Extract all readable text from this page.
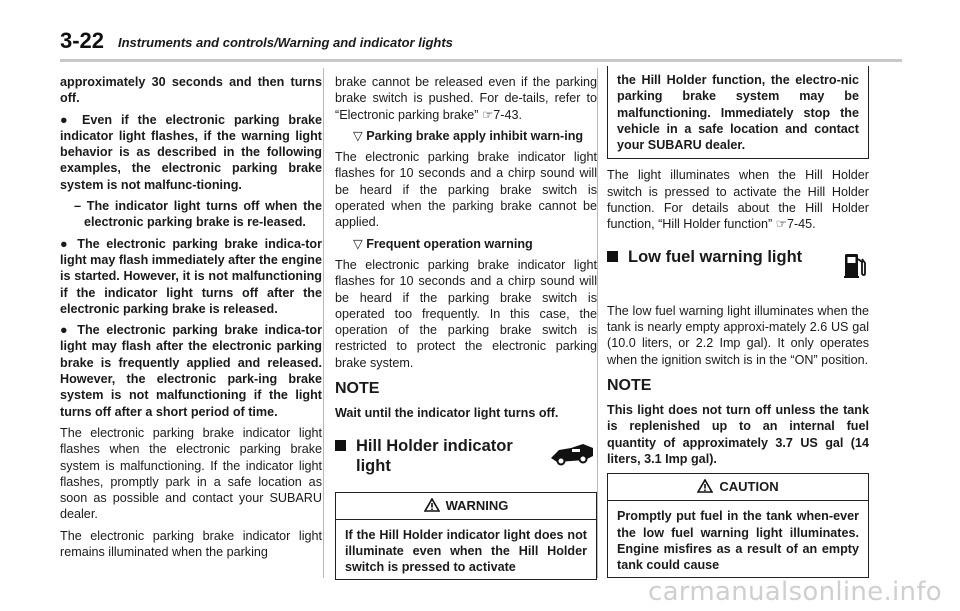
3-22 Instruments and controls/Warning and indicator lights

approximately 30 seconds and then turns off.

● Even if the electronic parking brake indicator light flashes, if the warning light behavior is as described in the following examples, the electronic parking brake system is not malfunc-tioning.

– The indicator light turns off when the electronic parking brake is re-leased.

● The electronic parking brake indica-tor light may flash immediately after the engine is started. However, it is not malfunctioning if the indicator light turns off after the electronic parking brake is released.

● The electronic parking brake indica-tor light may flash after the electronic parking brake is frequently applied and released. However, the electronic park-ing brake system is not malfunctioning if the light turns off after a short period of time.

The electronic parking brake indicator light flashes when the electronic parking brake system is malfunctioning. If the indicator light flashes, promptly park in a safe location as soon as possible and contact your SUBARU dealer.

The electronic parking brake indicator light remains illuminated when the parking

brake cannot be released even if the parking brake switch is pushed. For de-tails, refer to “Electronic parking brake” ☞7-43.

▽ Parking brake apply inhibit warn-ing

The electronic parking brake indicator light flashes for 10 seconds and a chirp sound will be heard if the parking brake switch is operated when the parking brake cannot be applied.

▽ Frequent operation warning

The electronic parking brake indicator light flashes for 10 seconds and a chirp sound will be heard if the parking brake switch is operated too frequently. In this case, the operation of the parking brake switch is restricted to protect the electronic parking brake system.

NOTE

Wait until the indicator light turns off.

Hill Holder indicator light
WARNING
If the Hill Holder indicator light does not illuminate even when the Hill Holder switch is pressed to activate
the Hill Holder function, the electro-nic parking brake system may be malfunctioning. Immediately stop the vehicle in a safe location and contact your SUBARU dealer.

The light illuminates when the Hill Holder switch is pressed to activate the Hill Holder function. For details about the Hill Holder function, “Hill Holder function” ☞7-45.

Low fuel warning light

The low fuel warning light illuminates when the tank is nearly empty approxi-mately 2.6 US gal (10.0 liters, or 2.2 Imp gal). It only operates when the ignition switch is in the “ON” position.

NOTE

This light does not turn off unless the tank is replenished up to an internal fuel quantity of approximately 3.7 US gal (14 liters, 3.1 Imp gal).

CAUTION
Promptly put fuel in the tank when-ever the low fuel warning light illuminates. Engine misfires as a result of an empty tank could cause
carmanualsonline.info
